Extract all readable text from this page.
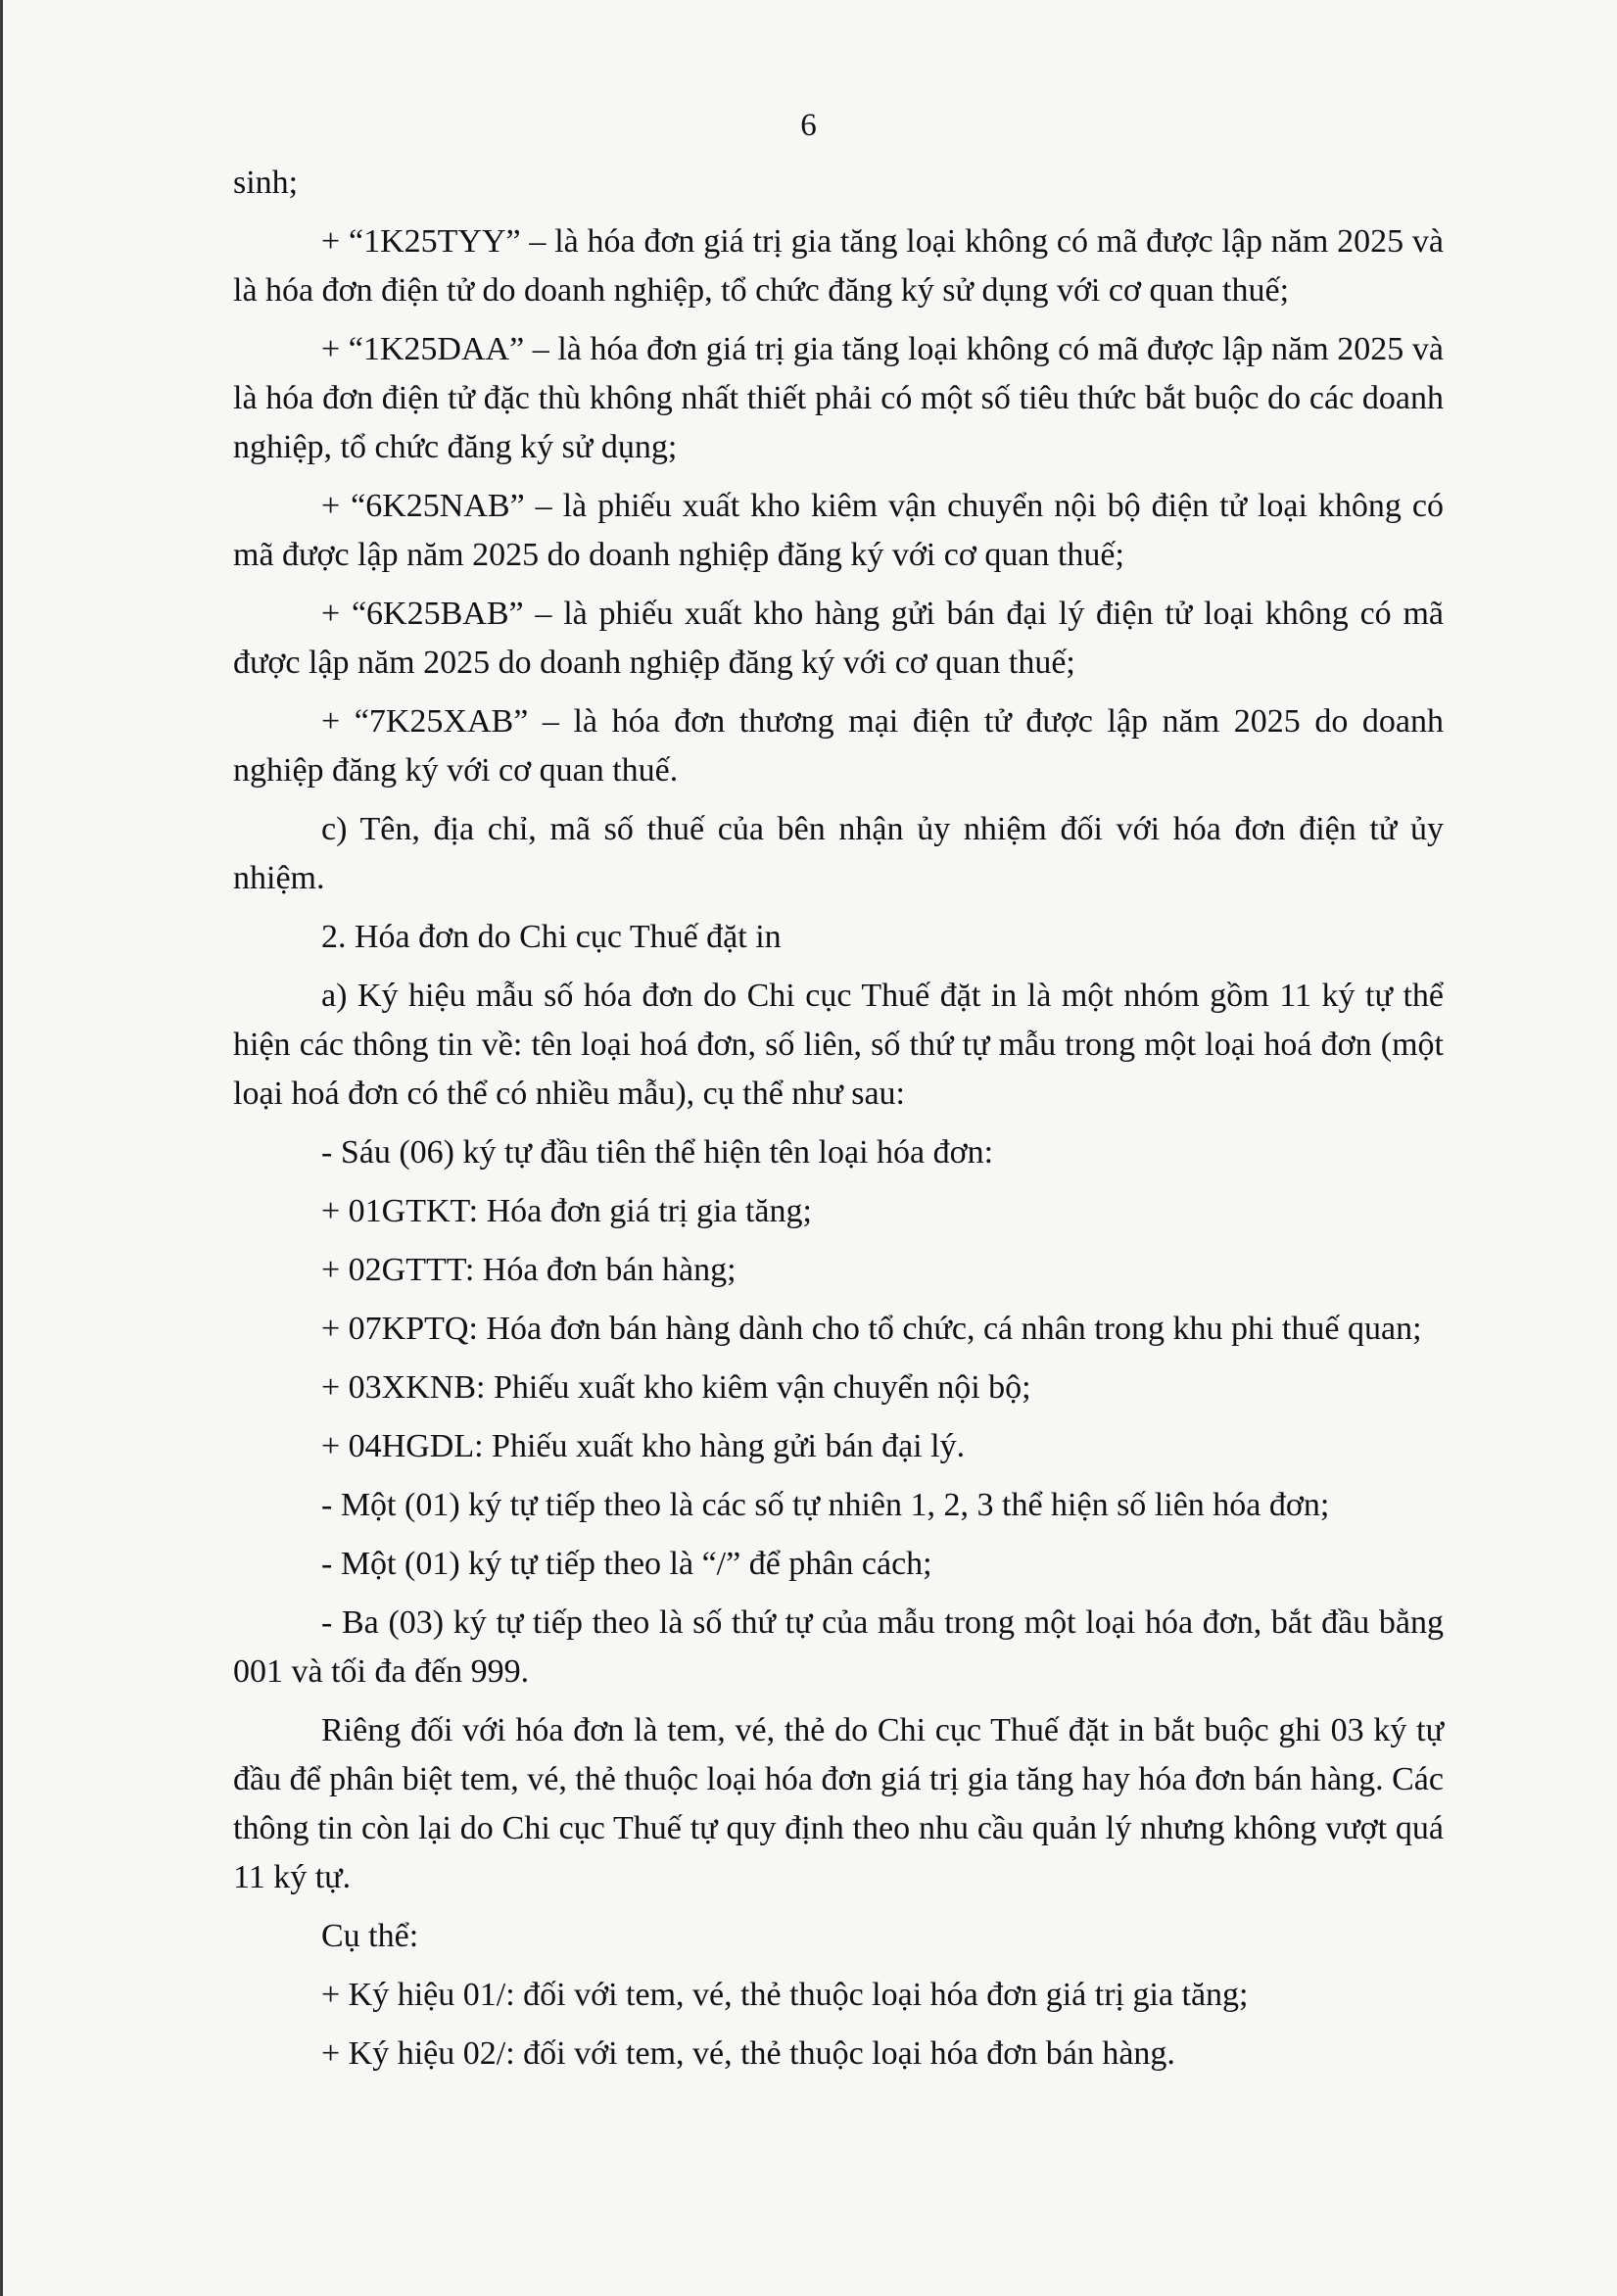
6

sinh;

+ “1K25TYY” – là hóa đơn giá trị gia tăng loại không có mã được lập năm 2025 và là hóa đơn điện tử do doanh nghiệp, tổ chức đăng ký sử dụng với cơ quan thuế;

+ “1K25DAA” – là hóa đơn giá trị gia tăng loại không có mã được lập năm 2025 và là hóa đơn điện tử đặc thù không nhất thiết phải có một số tiêu thức bắt buộc do các doanh nghiệp, tổ chức đăng ký sử dụng;

+ “6K25NAB” – là phiếu xuất kho kiêm vận chuyển nội bộ điện tử loại không có mã được lập năm 2025 do doanh nghiệp đăng ký với cơ quan thuế;

+ “6K25BAB” – là phiếu xuất kho hàng gửi bán đại lý điện tử loại không có mã được lập năm 2025 do doanh nghiệp đăng ký với cơ quan thuế;

+ “7K25XAB” – là hóa đơn thương mại điện tử được lập năm 2025 do doanh nghiệp đăng ký với cơ quan thuế.

c) Tên, địa chỉ, mã số thuế của bên nhận ủy nhiệm đối với hóa đơn điện tử ủy nhiệm.

2. Hóa đơn do Chi cục Thuế đặt in

a) Ký hiệu mẫu số hóa đơn do Chi cục Thuế đặt in là một nhóm gồm 11 ký tự thể hiện các thông tin về: tên loại hoá đơn, số liên, số thứ tự mẫu trong một loại hoá đơn (một loại hoá đơn có thể có nhiều mẫu), cụ thể như sau:

- Sáu (06) ký tự đầu tiên thể hiện tên loại hóa đơn:

+ 01GTKT: Hóa đơn giá trị gia tăng;

+ 02GTTT: Hóa đơn bán hàng;

+ 07KPTQ: Hóa đơn bán hàng dành cho tổ chức, cá nhân trong khu phi thuế quan;

+ 03XKNB: Phiếu xuất kho kiêm vận chuyển nội bộ;

+ 04HGDL: Phiếu xuất kho hàng gửi bán đại lý.

- Một (01) ký tự tiếp theo là các số tự nhiên 1, 2, 3 thể hiện số liên hóa đơn;

- Một (01) ký tự tiếp theo là “/” để phân cách;

- Ba (03) ký tự tiếp theo là số thứ tự của mẫu trong một loại hóa đơn, bắt đầu bằng 001 và tối đa đến 999.

Riêng đối với hóa đơn là tem, vé, thẻ do Chi cục Thuế đặt in bắt buộc ghi 03 ký tự đầu để phân biệt tem, vé, thẻ thuộc loại hóa đơn giá trị gia tăng hay hóa đơn bán hàng. Các thông tin còn lại do Chi cục Thuế tự quy định theo nhu cầu quản lý nhưng không vượt quá 11 ký tự.

Cụ thể:

+ Ký hiệu 01/: đối với tem, vé, thẻ thuộc loại hóa đơn giá trị gia tăng;

+ Ký hiệu 02/: đối với tem, vé, thẻ thuộc loại hóa đơn bán hàng.
